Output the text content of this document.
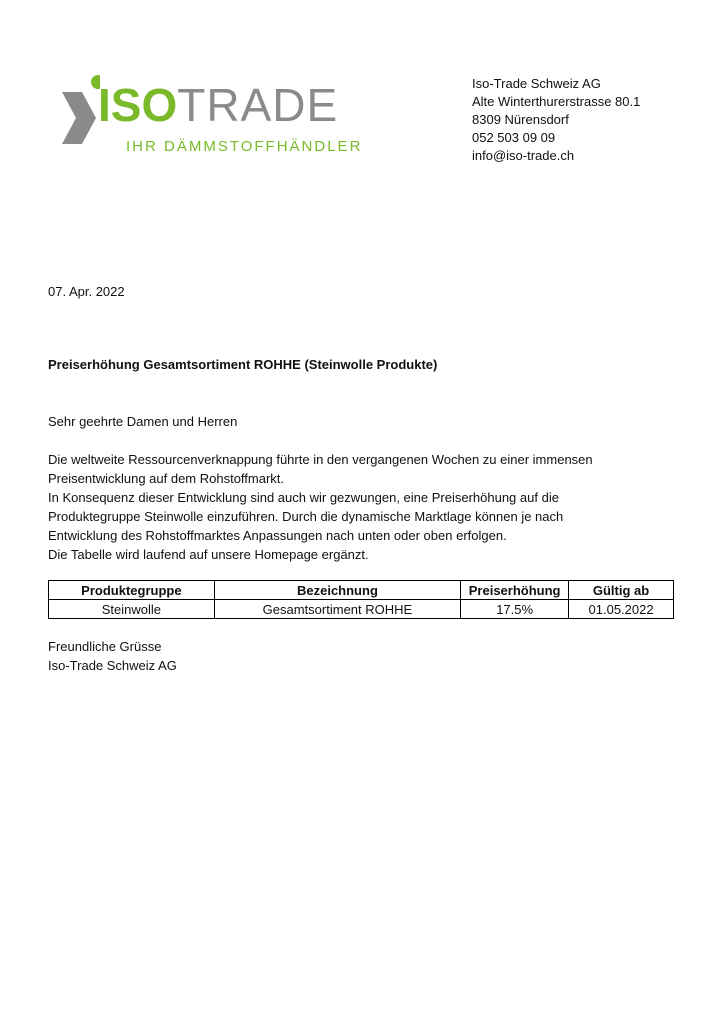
ISOTRADE
IHR DÄMMSTOFFHÄNDLER
Iso-Trade Schweiz AG
Alte Winterthurerstrasse 80.1
8309 Nürensdorf
052 503 09 09
info@iso-trade.ch
07. Apr. 2022
Preiserhöhung Gesamtsortiment ROHHE (Steinwolle Produkte)
Sehr geehrte Damen und Herren
Die weltweite Ressourcenverknappung führte in den vergangenen Wochen zu einer immensen
Preisentwicklung auf dem Rohstoffmarkt.
In Konsequenz dieser Entwicklung sind auch wir gezwungen, eine Preiserhöhung auf die
Produktegruppe Steinwolle einzuführen. Durch die dynamische Marktlage können je nach
Entwicklung des Rohstoffmarktes Anpassungen nach unten oder oben erfolgen.
Die Tabelle wird laufend auf unsere Homepage ergänzt.
Produktegruppe	Bezeichnung	Preiserhöhung	Gültig ab
Steinwolle	Gesamtsortiment ROHHE	17.5%	01.05.2022
Freundliche Grüsse
Iso-Trade Schweiz AG
